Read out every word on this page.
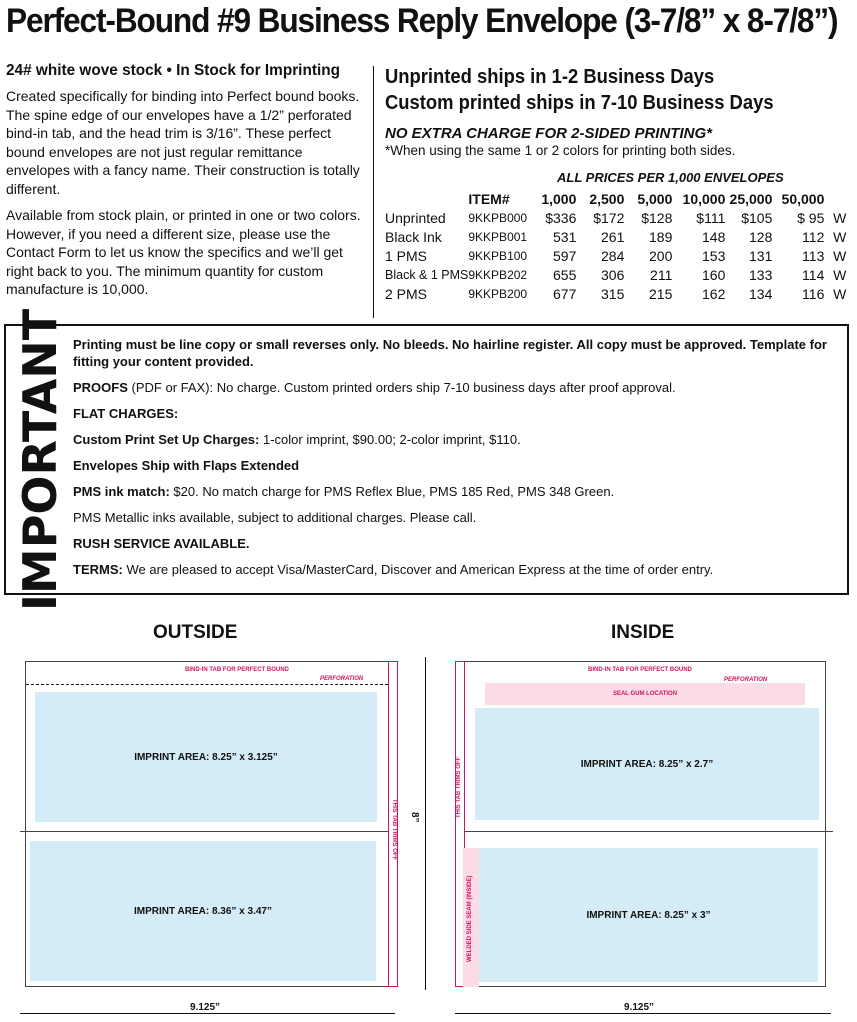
Perfect-Bound #9 Business Reply Envelope (3-7/8” x 8-7/8”)
24# white wove stock • In Stock for Imprinting

Created specifically for binding into Perfect bound books. The spine edge of our envelopes have a 1/2” perforated bind-in tab, and the head trim is 3/16”. These perfect bound envelopes are not just regular remittance envelopes with a fancy name. Their construction is totally different.

Available from stock plain, or printed in one or two colors. However, if you need a different size, please use the Contact Form to let us know the specifics and we’ll get right back to you. The minimum quantity for custom manufacture is 10,000.

Unprinted ships in 1-2 Business Days
Custom printed ships in 7-10 Business Days
NO EXTRA CHARGE FOR 2-SIDED PRINTING*
*When using the same 1 or 2 colors for printing both sides.
ALL PRICES PER 1,000 ENVELOPES
	ITEM#	1,000	2,500	5,000	10,000	25,000	50,000	
Unprinted	9KKPB000	$336	$172	$128	$111	$105	$ 95	W
Black Ink	9KKPB001	531	261	189	148	128	112	W
1 PMS	9KKPB100	597	284	200	153	131	113	W
Black & 1 PMS	9KKPB202	655	306	211	160	133	114	W
2 PMS	9KKPB200	677	315	215	162	134	116	W
IMPORTANT Printing must be line copy or small reverses only. No bleeds. No hairline register. All copy must be approved. Template for fitting your content provided.
PROOFS (PDF or FAX): No charge. Custom printed orders ship 7-10 business days after proof approval.
FLAT CHARGES:
Custom Print Set Up Charges: 1-color imprint, $90.00; 2-color imprint, $110.
Envelopes Ship with Flaps Extended
PMS ink match: $20. No match charge for PMS Reflex Blue, PMS 185 Red, PMS 348 Green.
PMS Metallic inks available, subject to additional charges. Please call.
RUSH SERVICE AVAILABLE.
TERMS: We are pleased to accept Visa/MasterCard, Discover and American Express at the time of order entry.
OUTSIDE
BIND-IN TAB FOR PERFECT BOUND
PERFORATION
IMPRINT AREA: 8.25” x 3.125”
IMPRINT AREA: 8.36” x 3.47”
THIS TAB TRIMS OFF 8”
9.125”
INSIDE
BIND-IN TAB FOR PERFECT BOUND
PERFORATION
SEAL GUM LOCATION
IMPRINT AREA: 8.25” x 2.7”
IMPRINT AREA: 8.25” x 3”
THIS TAB TRIMS OFF
WELDED SIDE SEAM (INSIDE)
9.125”
